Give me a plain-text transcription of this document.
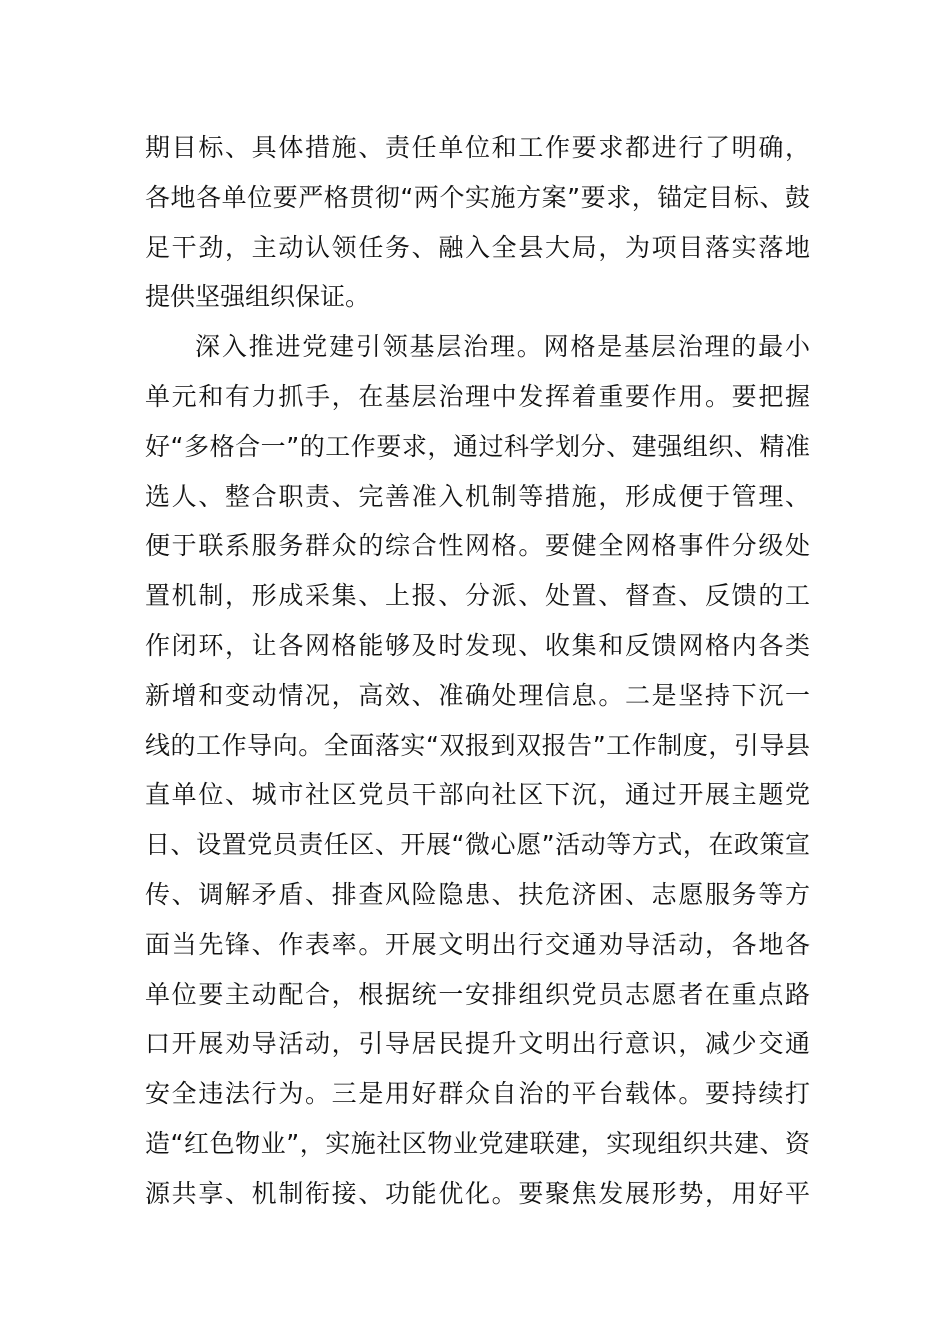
期目标、具体措施、责任单位和工作要求都进行了明确，
各地各单位要严格贯彻“两个实施方案”要求，锚定目标、鼓
足干劲，主动认领任务、融入全县大局，为项目落实落地
提供坚强组织保证。
深入推进党建引领基层治理。网格是基层治理的最小
单元和有力抓手，在基层治理中发挥着重要作用。要把握
好“多格合一”的工作要求，通过科学划分、建强组织、精准
选人、整合职责、完善准入机制等措施，形成便于管理、
便于联系服务群众的综合性网格。要健全网格事件分级处
置机制，形成采集、上报、分派、处置、督查、反馈的工
作闭环，让各网格能够及时发现、收集和反馈网格内各类
新增和变动情况，高效、准确处理信息。二是坚持下沉一
线的工作导向。全面落实“双报到双报告”工作制度，引导县
直单位、城市社区党员干部向社区下沉，通过开展主题党
日、设置党员责任区、开展“微心愿”活动等方式，在政策宣
传、调解矛盾、排查风险隐患、扶危济困、志愿服务等方
面当先锋、作表率。开展文明出行交通劝导活动，各地各
单位要主动配合，根据统一安排组织党员志愿者在重点路
口开展劝导活动，引导居民提升文明出行意识，减少交通
安全违法行为。三是用好群众自治的平台载体。要持续打
造“红色物业”，实施社区物业党建联建，实现组织共建、资
源共享、机制衔接、功能优化。要聚焦发展形势，用好平
